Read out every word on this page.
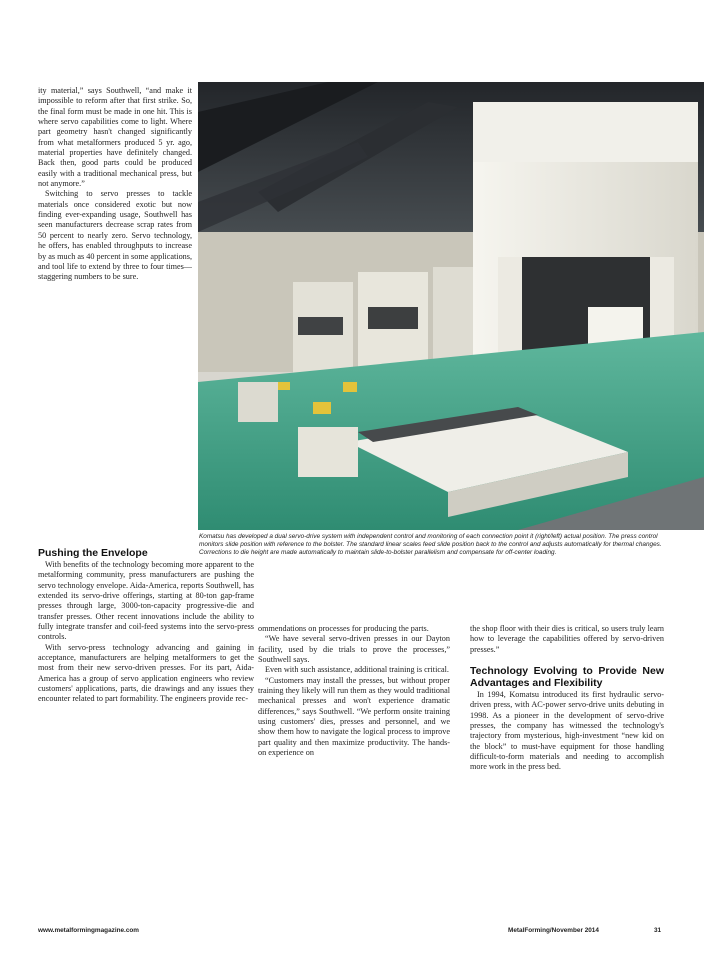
ity material,” says Southwell, “and make it impossible to reform after that first strike. So, the final form must be made in one hit. This is where servo capabilities come to light. Where part geometry hasn't changed significantly from what metalformers produced 5 yr. ago, material properties have definitely changed. Back then, good parts could be produced easily with a traditional mechanical press, but not anymore.”

Switching to servo presses to tackle materials once considered exotic but now finding ever-expanding usage, Southwell has seen manufacturers decrease scrap rates from 50 percent to nearly zero. Servo technology, he offers, has enabled throughputs to increase by as much as 40 percent in some applications, and tool life to extend by three to four times—staggering numbers to be sure.

Pushing the Envelope

With benefits of the technology becoming more apparent to the metalforming community, press manufacturers are pushing the servo technology envelope. Aida-America, reports Southwell, has extended its servo-drive offerings, starting at 80-ton gap-frame presses through large, 3000-ton-capacity progressive-die and transfer presses. Other recent innovations include the ability to fully integrate transfer and coil-feed systems into the servo-press controls.

With servo-press technology advancing and gaining in acceptance, manufacturers are helping metalformers to get the most from their new servo-driven presses. For its part, Aida-America has a group of servo application engineers who review customers' applications, parts, die drawings and any issues they encounter related to part formability. The engineers provide rec-

ommendations on processes for producing the parts.

“We have several servo-driven presses in our Dayton facility, used by die trials to prove the processes,” Southwell says.

Even with such assistance, additional training is critical.

“Customers may install the presses, but without proper training they likely will run them as they would traditional mechanical presses and won't experience dramatic differences,” says Southwell. “We perform onsite training using customers' dies, presses and personnel, and we show them how to navigate the logical process to improve part quality and then maximize productivity. The hands-on experience on

the shop floor with their dies is critical, so users truly learn how to leverage the capabilities offered by servo-driven presses.”

Technology Evolving to Provide New Advantages and Flexibility

In 1994, Komatsu introduced its first hydraulic servo-driven press, with AC-power servo-drive units debuting in 1998. As a pioneer in the development of servo-drive presses, the company has witnessed the technology's trajectory from mysterious, high-investment “new kid on the block” to must-have equipment for those handling difficult-to-form materials and needing to accomplish more work in the press bed.

Komatsu has developed a dual servo-drive system with independent control and monitoring of each connection point it (right/left) actual position. The press control monitors slide position with reference to the bolster. The standard linear scales feed slide position back to the control and adjusts automatically for thermal changes. Corrections to die height are made automatically to maintain slide-to-bolster parallelism and compensate for off-center loading.
www.metalformingmagazine.com	MetalForming/November 2014	31
